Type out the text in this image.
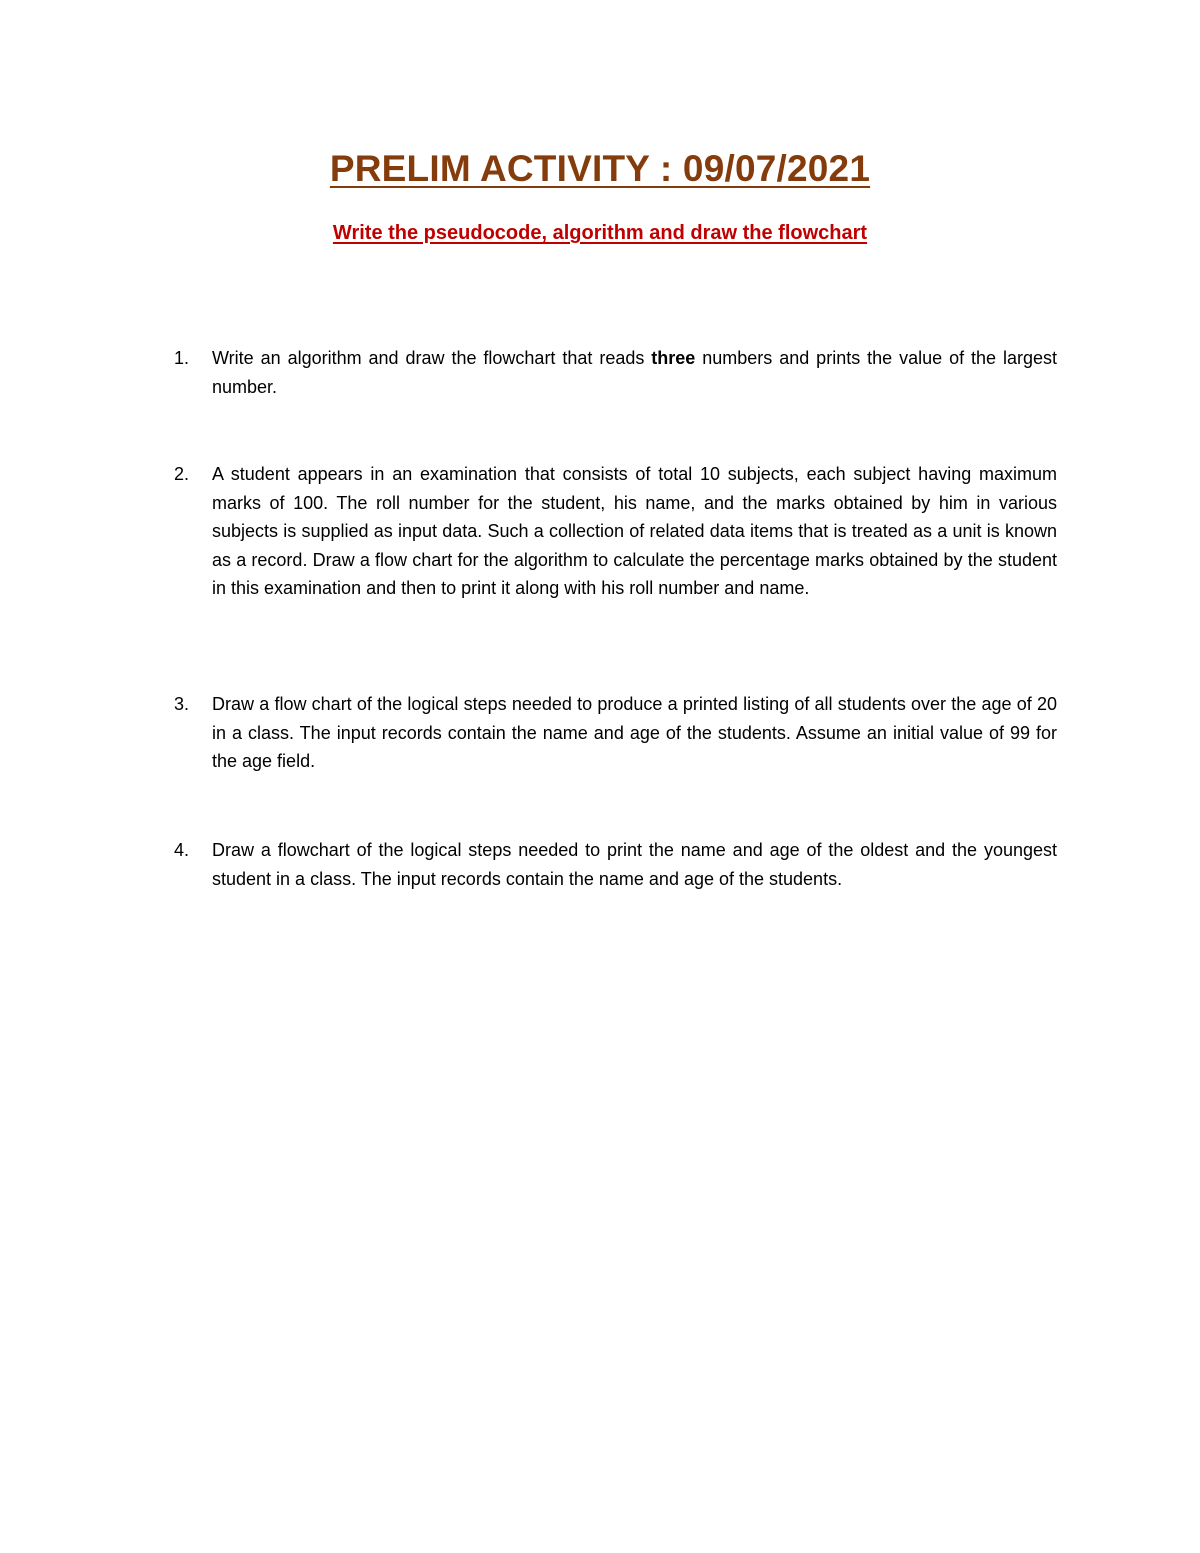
PRELIM ACTIVITY : 09/07/2021
Write the pseudocode, algorithm and draw the flowchart
1. Write an algorithm and draw the flowchart that reads three numbers and prints the value of the largest number.
2. A student appears in an examination that consists of total 10 subjects, each subject having maximum marks of 100. The roll number for the student, his name, and the marks obtained by him in various subjects is supplied as input data. Such a collection of related data items that is treated as a unit is known as a record. Draw a flow chart for the algorithm to calculate the percentage marks obtained by the student in this examination and then to print it along with his roll number and name.
3. Draw a flow chart of the logical steps needed to produce a printed listing of all students over the age of 20 in a class. The input records contain the name and age of the students. Assume an initial value of 99 for the age field.
4. Draw a flowchart of the logical steps needed to print the name and age of the oldest and the youngest student in a class. The input records contain the name and age of the students.
